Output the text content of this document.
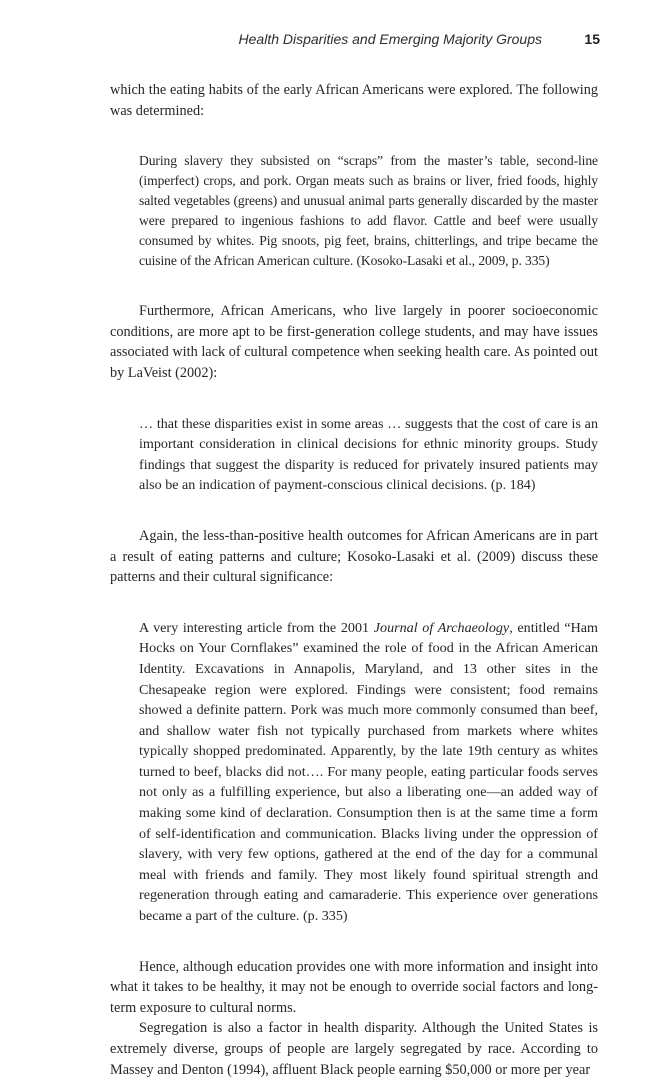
Health Disparities and Emerging Majority Groups	15

which the eating habits of the early African Americans were explored. The following was determined:

During slavery they subsisted on “scraps” from the master’s table, second-line (imperfect) crops, and pork. Organ meats such as brains or liver, fried foods, highly salted vegetables (greens) and unusual animal parts generally discarded by the master were prepared to ingenious fashions to add flavor. Cattle and beef were usually consumed by whites. Pig snoots, pig feet, brains, chitterlings, and tripe became the cuisine of the African American culture. (Kosoko-Lasaki et al., 2009, p. 335)

Furthermore, African Americans, who live largely in poorer socioeconomic conditions, are more apt to be first-generation college students, and may have issues associated with lack of cultural competence when seeking health care. As pointed out by LaVeist (2002):

… that these disparities exist in some areas … suggests that the cost of care is an important consideration in clinical decisions for ethnic minority groups. Study findings that suggest the disparity is reduced for privately insured patients may also be an indication of payment-conscious clinical decisions. (p. 184)

Again, the less-than-positive health outcomes for African Americans are in part a result of eating patterns and culture; Kosoko-Lasaki et al. (2009) discuss these patterns and their cultural significance:

A very interesting article from the 2001 Journal of Archaeology, entitled “Ham Hocks on Your Cornflakes” examined the role of food in the African American Identity. Excavations in Annapolis, Maryland, and 13 other sites in the Chesapeake region were explored. Findings were consistent; food remains showed a definite pattern. Pork was much more commonly consumed than beef, and shallow water fish not typically purchased from markets where whites typically shopped predominated. Apparently, by the late 19th century as whites turned to beef, blacks did not…. For many people, eating particular foods serves not only as a fulfilling experience, but also a liberating one—an added way of making some kind of declaration. Consumption then is at the same time a form of self-identification and communication. Blacks living under the oppression of slavery, with very few options, gathered at the end of the day for a communal meal with friends and family. They most likely found spiritual strength and regeneration through eating and camaraderie. This experience over generations became a part of the culture. (p. 335)

Hence, although education provides one with more information and insight into what it takes to be healthy, it may not be enough to override social factors and long-term exposure to cultural norms.

Segregation is also a factor in health disparity. Although the United States is extremely diverse, groups of people are largely segregated by race. According to Massey and Denton (1994), affluent Black people earning $50,000 or more per year
